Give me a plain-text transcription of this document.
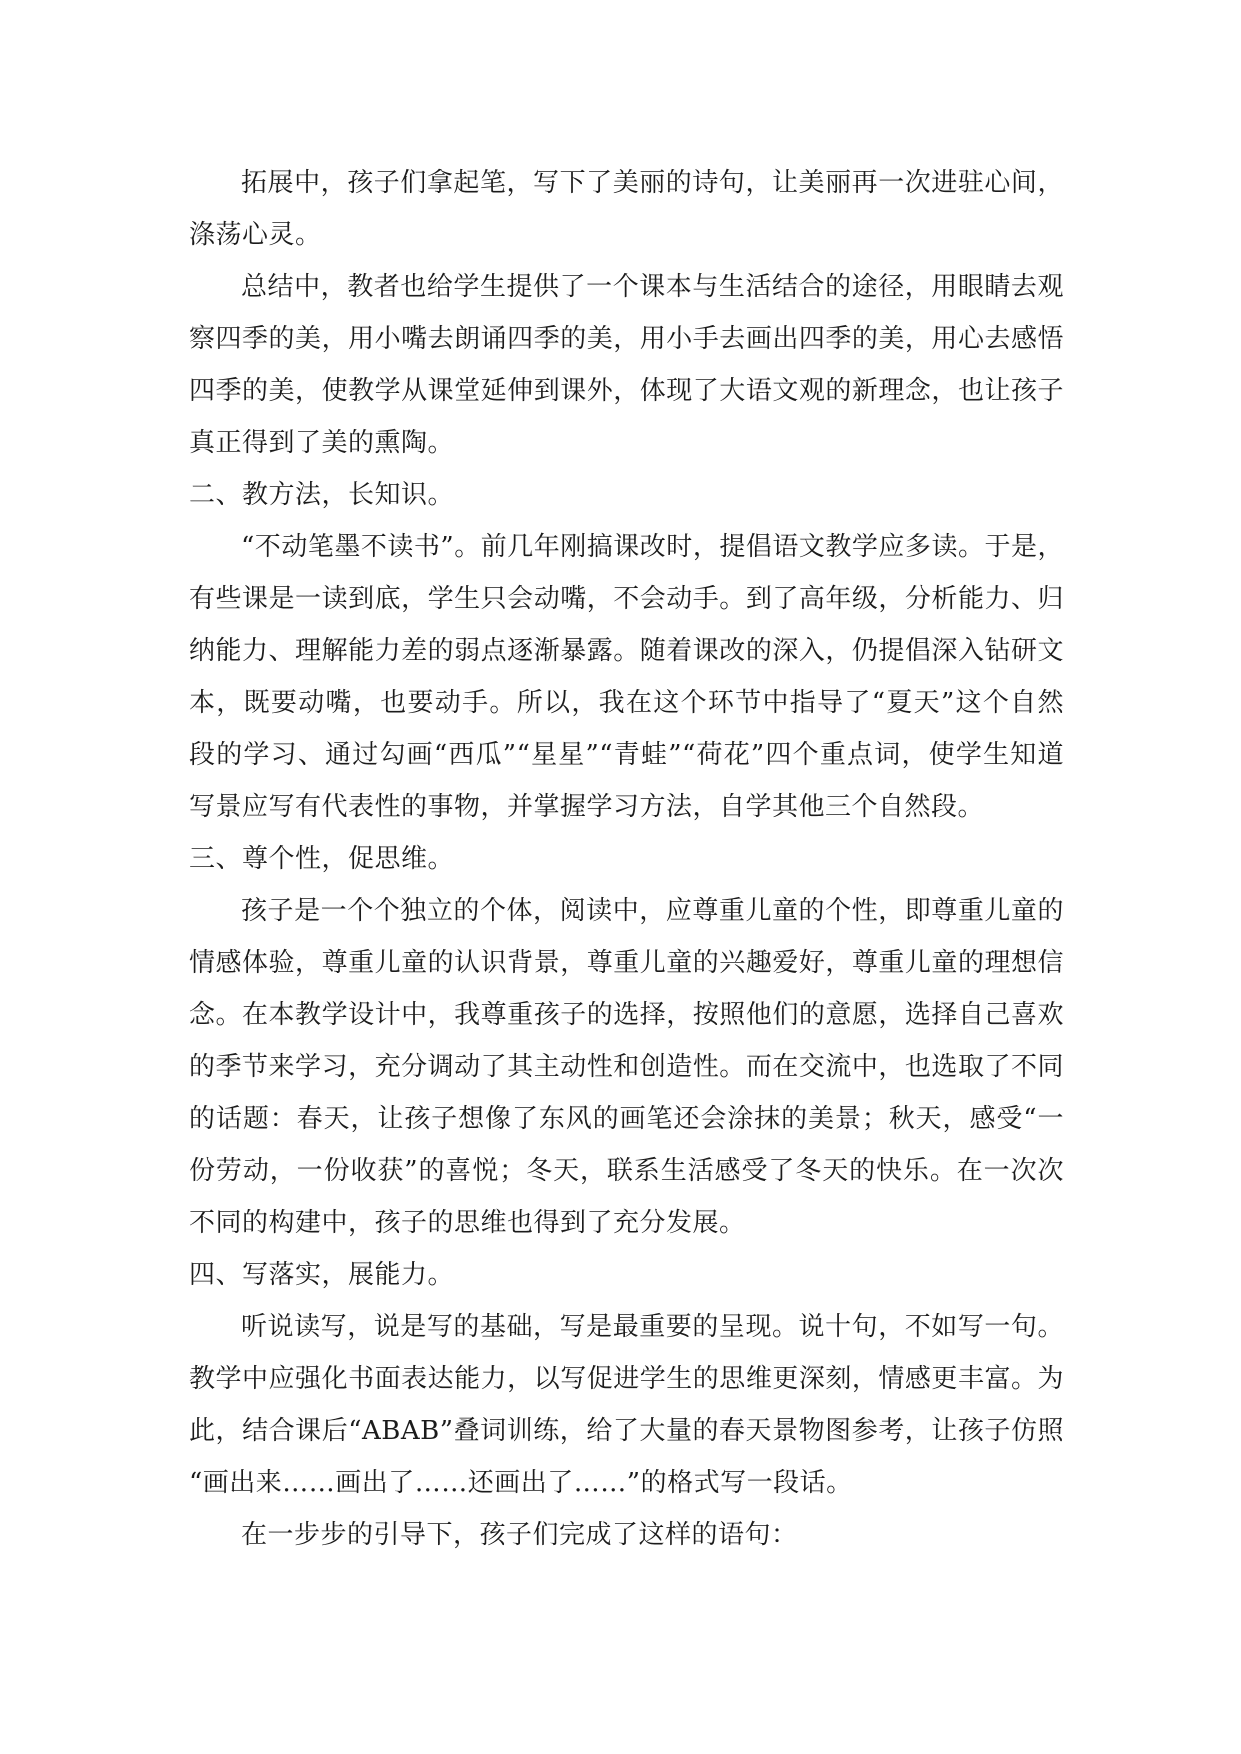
拓展中，孩子们拿起笔，写下了美丽的诗句，让美丽再一次进驻心间，涤荡心灵。

总结中，教者也给学生提供了一个课本与生活结合的途径，用眼睛去观察四季的美，用小嘴去朗诵四季的美，用小手去画出四季的美，用心去感悟四季的美，使教学从课堂延伸到课外，体现了大语文观的新理念，也让孩子真正得到了美的熏陶。

二、教方法，长知识。

“不动笔墨不读书”。前几年刚搞课改时，提倡语文教学应多读。于是，有些课是一读到底，学生只会动嘴，不会动手。到了高年级，分析能力、归纳能力、理解能力差的弱点逐渐暴露。随着课改的深入，仍提倡深入钻研文本，既要动嘴，也要动手。所以，我在这个环节中指导了“夏天”这个自然段的学习、通过勾画“西瓜”“星星”“青蛙”“荷花”四个重点词，使学生知道写景应写有代表性的事物，并掌握学习方法，自学其他三个自然段。

三、尊个性，促思维。

孩子是一个个独立的个体，阅读中，应尊重儿童的个性，即尊重儿童的情感体验，尊重儿童的认识背景，尊重儿童的兴趣爱好，尊重儿童的理想信念。在本教学设计中，我尊重孩子的选择，按照他们的意愿，选择自己喜欢的季节来学习，充分调动了其主动性和创造性。而在交流中，也选取了不同的话题：春天，让孩子想像了东风的画笔还会涂抹的美景；秋天，感受“一份劳动，一份收获”的喜悦；冬天，联系生活感受了冬天的快乐。在一次次不同的构建中，孩子的思维也得到了充分发展。

四、写落实，展能力。

听说读写，说是写的基础，写是最重要的呈现。说十句，不如写一句。教学中应强化书面表达能力，以写促进学生的思维更深刻，情感更丰富。为此，结合课后“ABAB”叠词训练，给了大量的春天景物图参考，让孩子仿照“画出来……画出了……还画出了……”的格式写一段话。

在一步步的引导下，孩子们完成了这样的语句：
